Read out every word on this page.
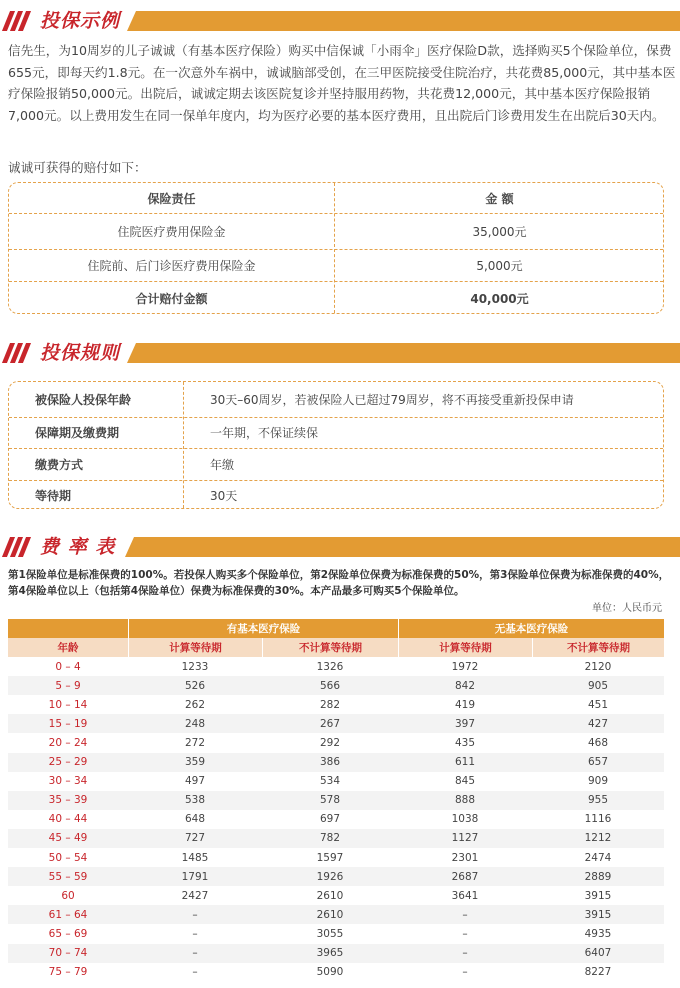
投保示例

信先生，为10周岁的儿子诚诚（有基本医疗保险）购买中信保诚「小雨伞」医疗保险D款，选择购买5个保险单位，保费655元，即每天约1.8元。在一次意外车祸中，诚诚脑部受创，在三甲医院接受住院治疗，共花费85,000元，其中基本医疗保险报销50,000元。出院后，诚诚定期去该医院复诊并坚持服用药物，共花费12,000元，其中基本医疗保险报销7,000元。以上费用发生在同一保单年度内，均为医疗必要的基本医疗费用，且出院后门诊费用发生在出院后30天内。

诚诚可获得的赔付如下：

保险责任	金 额
住院医疗费用保险金	35,000元
住院前、后门诊医疗费用保险金	5,000元
合计赔付金额	40,000元
投保规则
被保险人投保年龄	30天–60周岁，若被保险人已超过79周岁，将不再接受重新投保申请
保障期及缴费期	一年期，不保证续保
缴费方式	年缴
等待期	30天
费 率 表

第1保险单位是标准保费的100%。若投保人购买多个保险单位，第2保险单位保费为标准保费的50%，第3保险单位保费为标准保费的40%，第4保险单位以上（包括第4保险单位）保费为标准保费的30%。本产品最多可购买5个保险单位。

单位：人民币元
有基本医疗保险	无基本医疗保险
年龄	计算等待期	不计算等待期	计算等待期	不计算等待期
0 – 4	1233	1326	1972	2120
5 – 9	526	566	842	905
10 – 14	262	282	419	451
15 – 19	248	267	397	427
20 – 24	272	292	435	468
25 – 29	359	386	611	657
30 – 34	497	534	845	909
35 – 39	538	578	888	955
40 – 44	648	697	1038	1116
45 – 49	727	782	1127	1212
50 – 54	1485	1597	2301	2474
55 – 59	1791	1926	2687	2889
60	2427	2610	3641	3915
61 – 64	–	2610	–	3915
65 – 69	–	3055	–	4935
70 – 74	–	3965	–	6407
75 – 79	–	5090	–	8227
